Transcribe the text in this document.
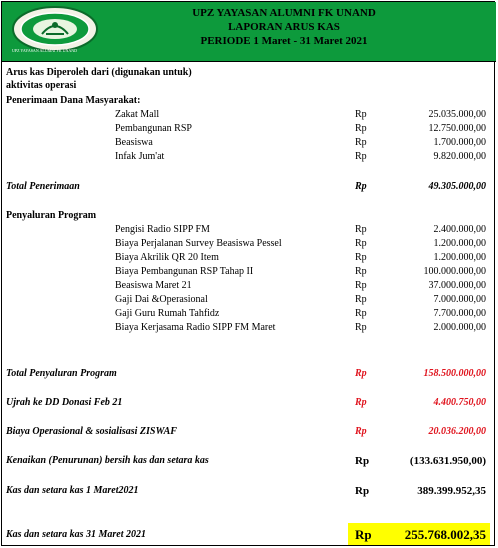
UPZ YAYASAN ALUMNI FK UNAND
UPZ YAYASAN ALUMNI FK UNAND
LAPORAN ARUS KAS
PERIODE 1 Maret - 31 Maret 2021
Arus kas Diperoleh dari (digunakan untuk)
aktivitas operasi
Penerimaan Dana Masyarakat:
Zakat Mall	Rp	25.035.000,00
Pembangunan RSP	Rp	12.750.000,00
Beasiswa	Rp	1.700.000,00
Infak Jum'at	Rp	9.820.000,00
Total Penerimaan	Rp	49.305.000,00
Penyaluran Program
Pengisi Radio SIPP FM	Rp	2.400.000,00
Biaya Perjalanan Survey Beasiswa Pessel	Rp	1.200.000,00
Biaya Akrilik QR 20 Item	Rp	1.200.000,00
Biaya Pembangunan RSP Tahap II	Rp	100.000.000,00
Beasiswa Maret 21	Rp	37.000.000,00
Gaji Dai &Operasional	Rp	7.000.000,00
Gaji Guru Rumah Tahfidz	Rp	7.700.000,00
Biaya Kerjasama Radio SIPP FM Maret	Rp	2.000.000,00
Total Penyaluran Program	Rp	158.500.000,00
Ujrah ke DD Donasi Feb 21	Rp	4.400.750,00
Biaya Operasional & sosialisasi ZISWAF	Rp	20.036.200,00
Kenaikan (Penurunan) bersih kas dan setara kas	Rp	(133.631.950,00)
Kas dan setara kas 1 Maret2021	Rp	389.399.952,35
Kas dan setara kas 31 Maret 2021	Rp	255.768.002,35
